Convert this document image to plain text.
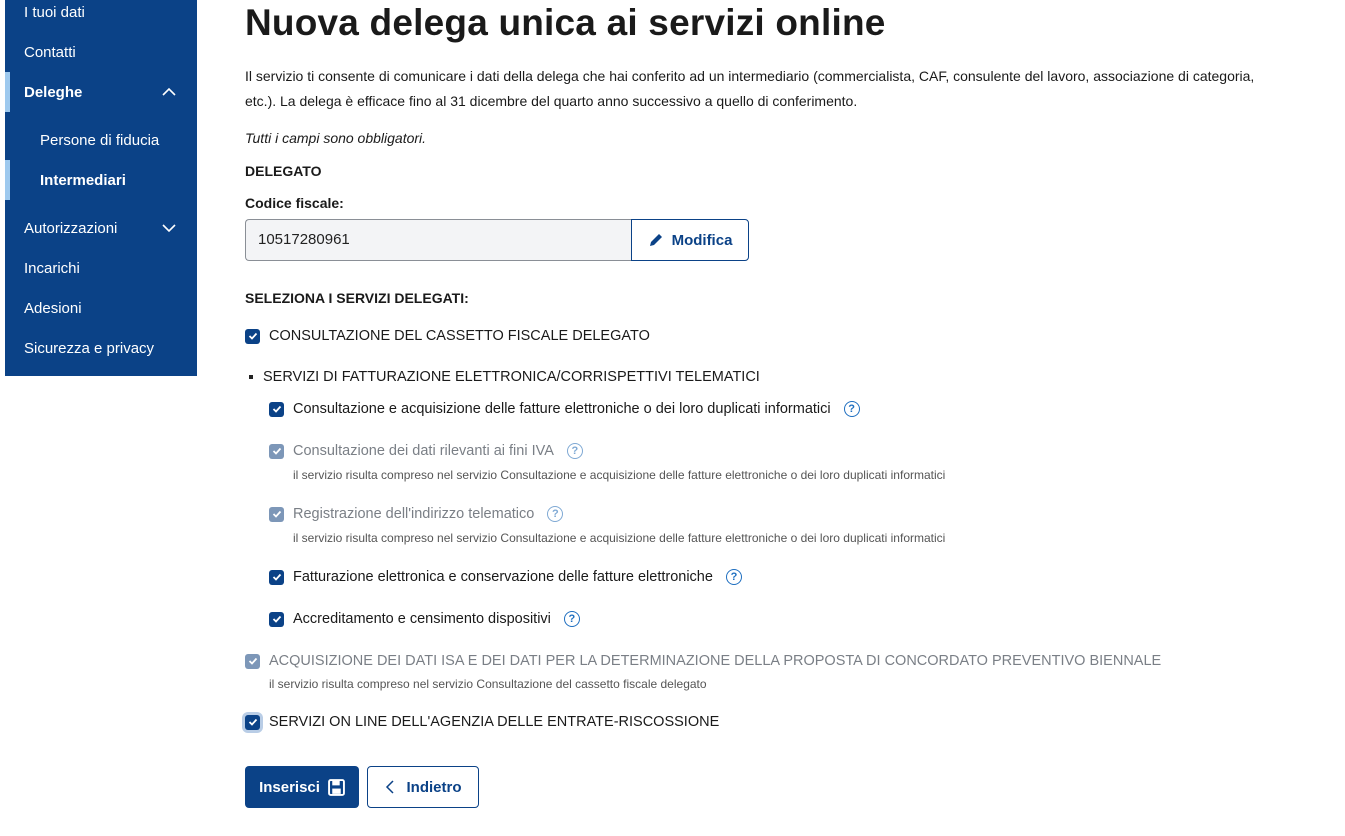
I tuoi dati
Contatti
Deleghe
Persone di fiducia
Intermediari
Autorizzazioni
Incarichi
Adesioni
Sicurezza e privacy
Nuova delega unica ai servizi online

Il servizio ti consente di comunicare i dati della delega che hai conferito ad un intermediario (commercialista, CAF, consulente del lavoro, associazione di categoria, etc.). La delega è efficace fino al 31 dicembre del quarto anno successivo a quello di conferimento.

Tutti i campi sono obbligatori.

DELEGATO
Codice fiscale:
10517280961	Modifica
SELEZIONA I SERVIZI DELEGATI:
CONSULTAZIONE DEL CASSETTO FISCALE DELEGATO
SERVIZI DI FATTURAZIONE ELETTRONICA/CORRISPETTIVI TELEMATICI
Consultazione e acquisizione delle fatture elettroniche o dei loro duplicati informatici	?
Consultazione dei dati rilevanti ai fini IVA	?
il servizio risulta compreso nel servizio Consultazione e acquisizione delle fatture elettroniche o dei loro duplicati informatici
Registrazione dell'indirizzo telematico	?
il servizio risulta compreso nel servizio Consultazione e acquisizione delle fatture elettroniche o dei loro duplicati informatici
Fatturazione elettronica e conservazione delle fatture elettroniche	?
Accreditamento e censimento dispositivi	?
ACQUISIZIONE DEI DATI ISA E DEI DATI PER LA DETERMINAZIONE DELLA PROPOSTA DI CONCORDATO PREVENTIVO BIENNALE
il servizio risulta compreso nel servizio Consultazione del cassetto fiscale delegato
SERVIZI ON LINE DELL'AGENZIA DELLE ENTRATE-RISCOSSIONE
Inserisci	Indietro
